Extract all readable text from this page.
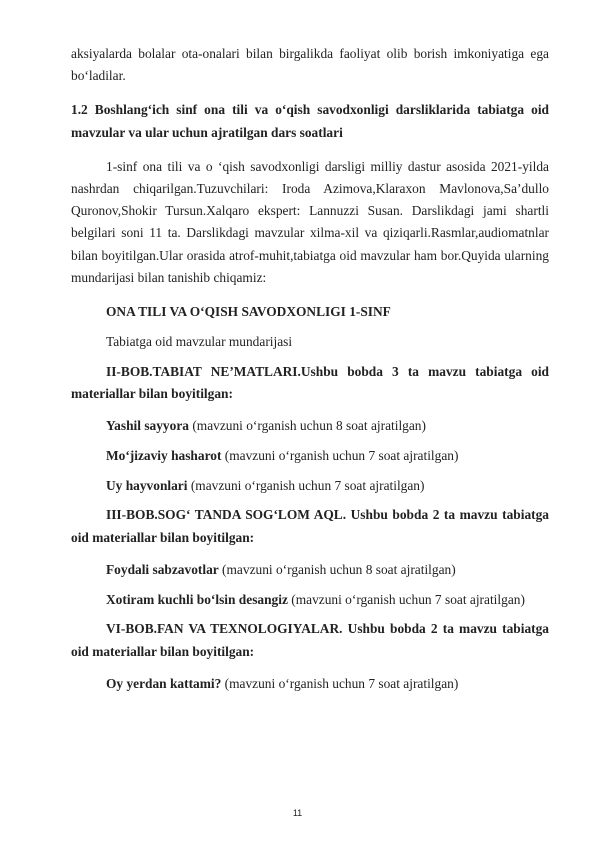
aksiyalarda bolalar ota-onalari bilan birgalikda faoliyat olib borish imkoniyatiga ega bo‘ladilar.

1.2 Boshlang‘ich sinf ona tili va o‘qish savodxonligi darsliklarida tabiatga oid mavzular va ular uchun ajratilgan dars soatlari

1-sinf ona tili va o ‘qish savodxonligi darsligi milliy dastur asosida 2021-yilda nashrdan chiqarilgan.Tuzuvchilari: Iroda Azimova,Klaraxon Mavlonova,Sa’dullo Quronov,Shokir Tursun.Xalqaro ekspert: Lannuzzi Susan. Darslikdagi jami shartli belgilari soni 11 ta. Darslikdagi mavzular xilma-xil va qiziqarli.Rasmlar,audiomatnlar bilan boyitilgan.Ular orasida atrof-muhit,tabiatga oid mavzular ham bor.Quyida ularning mundarijasi bilan tanishib chiqamiz:

ONA TILI VA O‘QISH SAVODXONLIGI 1-SINF

Tabiatga oid mavzular mundarijasi

II-BOB.TABIAT NE’MATLARI.Ushbu bobda 3 ta mavzu tabiatga oid materiallar bilan boyitilgan:

Yashil sayyora (mavzuni o‘rganish uchun 8 soat ajratilgan)

Mo‘jizaviy hasharot (mavzuni o‘rganish uchun 7 soat ajratilgan)

Uy hayvonlari (mavzuni o‘rganish uchun 7 soat ajratilgan)

III-BOB.SOG‘ TANDA SOG‘LOM AQL. Ushbu bobda 2 ta mavzu tabiatga oid materiallar bilan boyitilgan:

Foydali sabzavotlar (mavzuni o‘rganish uchun 8 soat ajratilgan)

Xotiram kuchli bo‘lsin desangiz (mavzuni o‘rganish uchun 7 soat ajratilgan)

VI-BOB.FAN VA TEXNOLOGIYALAR. Ushbu bobda 2 ta mavzu tabiatga oid materiallar bilan boyitilgan:

Oy yerdan kattami? (mavzuni o‘rganish uchun 7 soat ajratilgan)

11
